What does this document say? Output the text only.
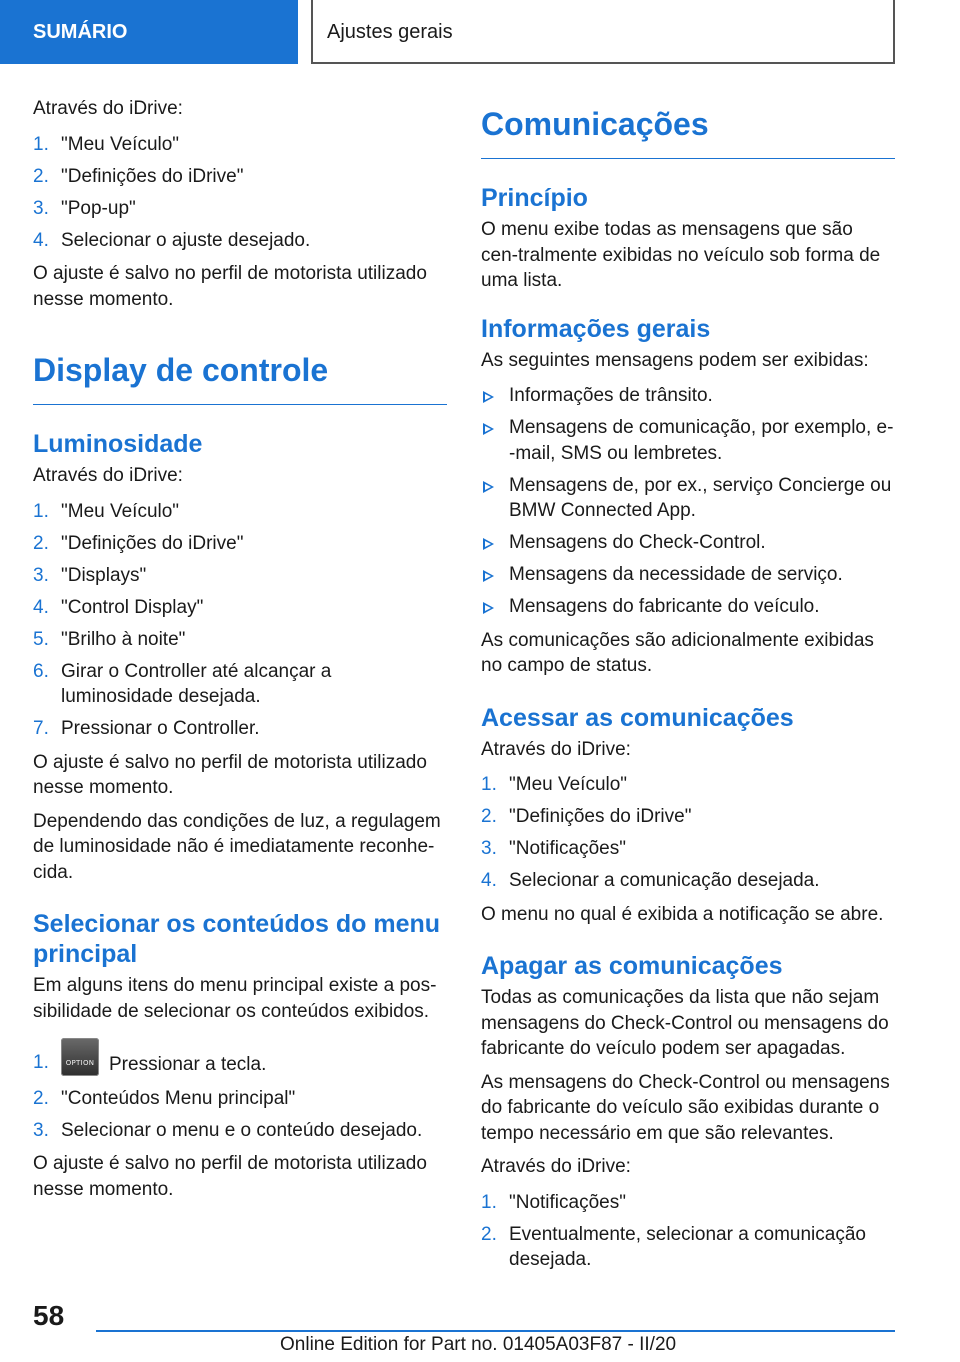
SUMÁRIO	Ajustes gerais

Através do iDrive:

1. "Meu Veículo"
2. "Definições do iDrive"
3. "Pop-up"
4. Selecionar o ajuste desejado.

O ajuste é salvo no perfil de motorista utilizado nesse momento.

Display de controle
Luminosidade

Através do iDrive:

1. "Meu Veículo"
2. "Definições do iDrive"
3. "Displays"
4. "Control Display"
5. "Brilho à noite"
6. Girar o Controller até alcançar a luminosidade desejada.
7. Pressionar o Controller.

O ajuste é salvo no perfil de motorista utilizado nesse momento.

Dependendo das condições de luz, a regulagem de luminosidade não é imediatamente reconhe-cida.

Selecionar os conteúdos do menu principal

Em alguns itens do menu principal existe a pos-sibilidade de selecionar os conteúdos exibidos.

1.
OPTION	Pressionar a tecla.
2. "Conteúdos Menu principal"
3. Selecionar o menu e o conteúdo desejado.

O ajuste é salvo no perfil de motorista utilizado nesse momento.

Comunicações
Princípio

O menu exibe todas as mensagens que são cen-tralmente exibidas no veículo sob forma de uma lista.

Informações gerais

As seguintes mensagens podem ser exibidas:

Informações de trânsito.
Mensagens de comunicação, por exemplo, e--mail, SMS ou lembretes.
Mensagens de, por ex., serviço Concierge ou BMW Connected App.
Mensagens do Check-Control.
Mensagens da necessidade de serviço.
Mensagens do fabricante do veículo.

As comunicações são adicionalmente exibidas no campo de status.

Acessar as comunicações

Através do iDrive:

1. "Meu Veículo"
2. "Definições do iDrive"
3. "Notificações"
4. Selecionar a comunicação desejada.

O menu no qual é exibida a notificação se abre.

Apagar as comunicações

Todas as comunicações da lista que não sejam mensagens do Check-Control ou mensagens do fabricante do veículo podem ser apagadas.

As mensagens do Check-Control ou mensagens do fabricante do veículo são exibidas durante o tempo necessário em que são relevantes.

Através do iDrive:

1. "Notificações"
2. Eventualmente, selecionar a comunicação desejada.
58
Online Edition for Part no. 01405A03F87 - II/20
